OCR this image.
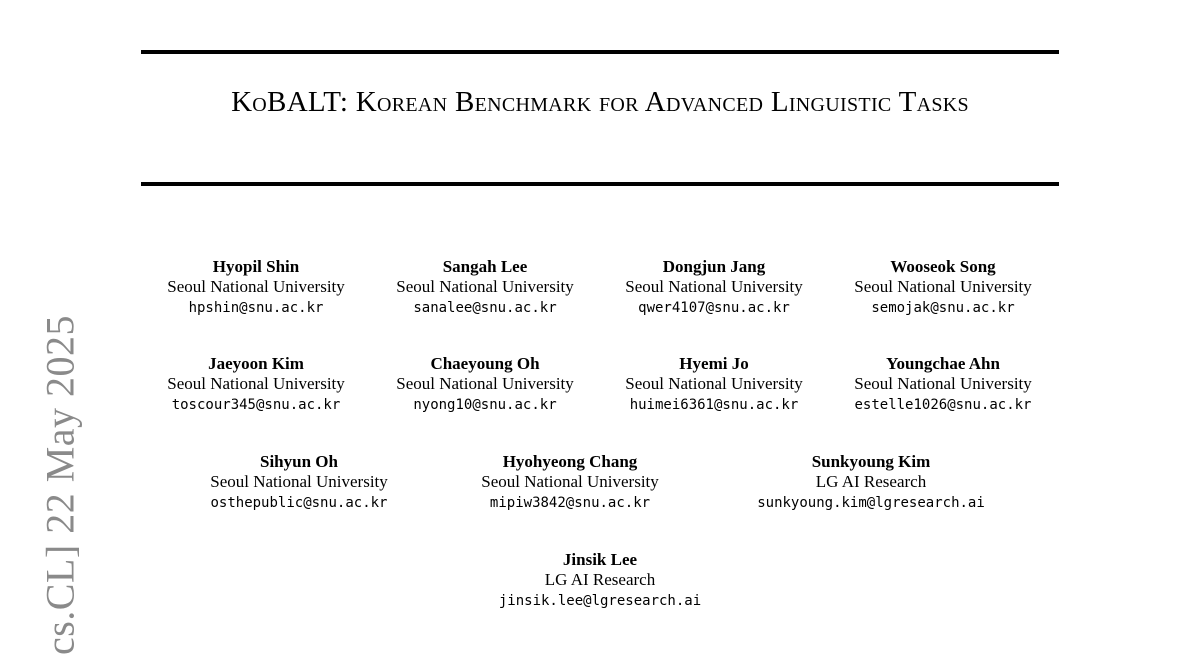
KoBALT: Korean Benchmark for Advanced Linguistic Tasks
Hyopil Shin
Seoul National University
hpshin@snu.ac.kr
Sangah Lee
Seoul National University
sanalee@snu.ac.kr
Dongjun Jang
Seoul National University
qwer4107@snu.ac.kr
Wooseok Song
Seoul National University
semojak@snu.ac.kr
Jaeyoon Kim
Seoul National University
toscour345@snu.ac.kr
Chaeyoung Oh
Seoul National University
nyong10@snu.ac.kr
Hyemi Jo
Seoul National University
huimei6361@snu.ac.kr
Youngchae Ahn
Seoul National University
estelle1026@snu.ac.kr
Sihyun Oh
Seoul National University
osthepublic@snu.ac.kr
Hyohyeong Chang
Seoul National University
mipiw3842@snu.ac.kr
Sunkyoung Kim
LG AI Research
sunkyoung.kim@lgresearch.ai
Jinsik Lee
LG AI Research
jinsik.lee@lgresearch.ai
cs.CL] 22 May 2025
